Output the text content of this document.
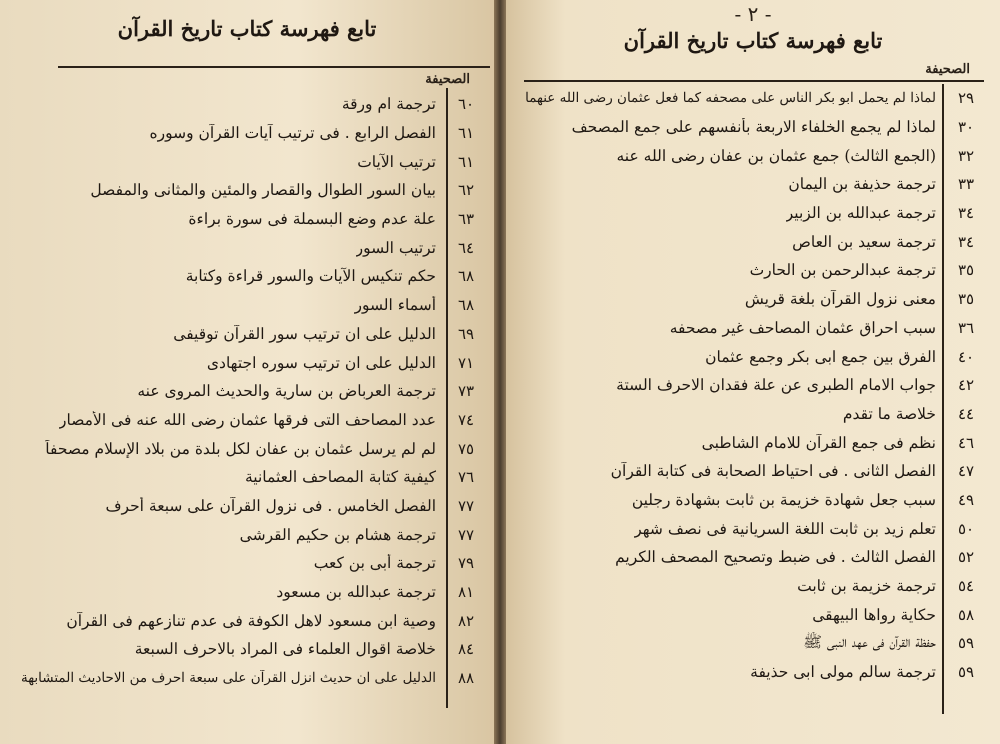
تابع فهرسة كتاب تاريخ القرآن
الصحيفة
٦٠
ترجمة ام ورقة
٦١
الفصل الرابع . فى ترتيب آيات القرآن وسوره
٦١
ترتيب الآيات
٦٢
بيان السور الطوال والقصار والمئين والمثانى والمفصل
٦٣
علة عدم وضع البسملة فى سورة براءة
٦٤
ترتيب السور
٦٨
حكم تنكيس الآيات والسور قراءة وكتابة
٦٨
أسماء السور
٦٩
الدليل على ان ترتيب سور القرآن توقيفى
٧١
الدليل على ان ترتيب سوره اجتهادى
٧٣
ترجمة العرباض بن سارية والحديث المروى عنه
٧٤
عدد المصاحف التى فرقها عثمان رضى الله عنه فى الأمصار
٧٥
لم لم يرسل عثمان بن عفان لكل بلدة من بلاد الإسلام مصحفاً
٧٦
كيفية كتابة المصاحف العثمانية
٧٧
الفصل الخامس . فى نزول القرآن على سبعة أحرف
٧٧
ترجمة هشام بن حكيم القرشى
٧٩
ترجمة أبى بن كعب
٨١
ترجمة عبدالله بن مسعود
٨٢
وصية ابن مسعود لاهل الكوفة فى عدم تنازعهم فى القرآن
٨٤
خلاصة اقوال العلماء فى المراد بالاحرف السبعة
٨٨
الدليل على ان حديث انزل القرآن على سبعة احرف من الاحاديث المتشابهة
- ٢ -
تابع فهرسة كتاب تاريخ القرآن
الصحيفة
٢٩
لماذا لم يحمل ابو بكر الناس على مصحفه كما فعل عثمان رضى الله عنهما
٣٠
لماذا لم يجمع الخلفاء الاربعة بأنفسهم على جمع المصحف
٣٢
(الجمع الثالث) جمع عثمان بن عفان رضى الله عنه
٣٣
ترجمة حذيفة بن اليمان
٣٤
ترجمة عبدالله بن الزبير
٣٤
ترجمة سعيد بن العاص
٣٥
ترجمة عبدالرحمن بن الحارث
٣٥
معنى نزول القرآن بلغة قريش
٣٦
سبب احراق عثمان المصاحف غير مصحفه
٤٠
الفرق بين جمع ابى بكر وجمع عثمان
٤٢
جواب الامام الطبرى عن علة فقدان الاحرف الستة
٤٤
خلاصة ما تقدم
٤٦
نظم فى جمع القرآن للامام الشاطبى
٤٧
الفصل الثانى . فى احتياط الصحابة فى كتابة القرآن
٤٩
سبب جعل شهادة خزيمة بن ثابت بشهادة رجلين
٥٠
تعلم زيد بن ثابت اللغة السريانية فى نصف شهر
٥٢
الفصل الثالث . فى ضبط وتصحيح المصحف الكريم
٥٤
ترجمة خزيمة بن ثابت
٥٨
حكاية رواها البيهقى
٥٩
حفظة القرآن فى عهد النبى ﷺ
٥٩
ترجمة سالم مولى ابى حذيفة
